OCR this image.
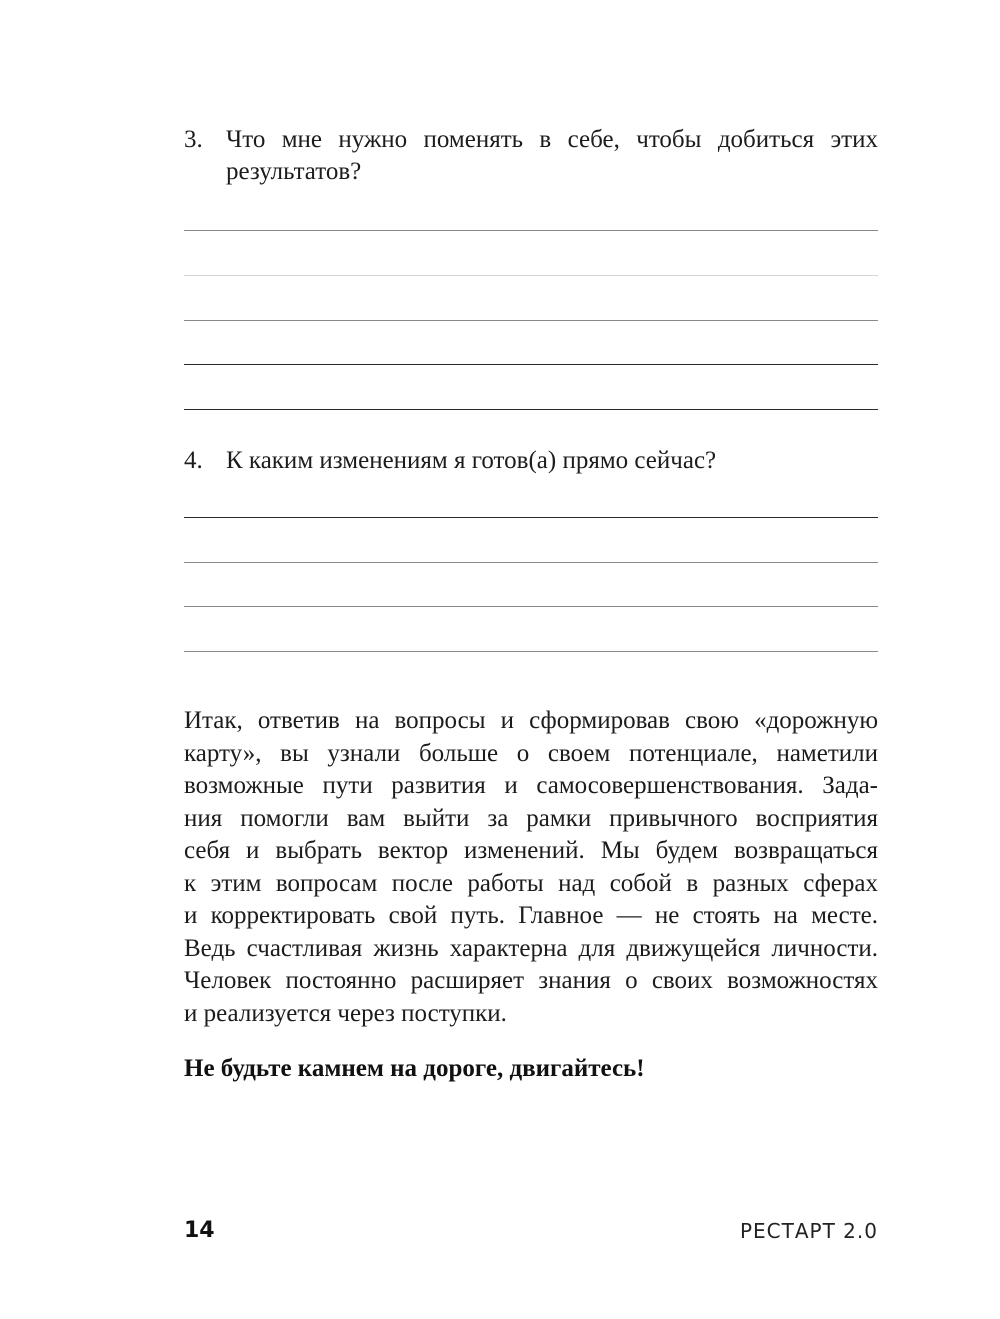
3. Что мне нужно поменять в себе, чтобы добиться этих результатов?
4. К каким изменениям я готов(а) прямо сейчас?

Итак, ответив на вопросы и сформировав свою «дорожную
карту», вы узнали больше о своем потенциале, наметили
возможные пути развития и самосовершенствования. Зада-
ния помогли вам выйти за рамки привычного восприятия
себя и выбрать вектор изменений. Мы будем возвращаться
к этим вопросам после работы над собой в разных сферах
и корректировать свой путь. Главное — не стоять на месте.
Ведь счастливая жизнь характерна для движущейся личности.
Человек постоянно расширяет знания о своих возможностях
и реализуется через поступки.

Не будьте камнем на дороге, двигайтесь!
14	РЕСТАРТ 2.0
